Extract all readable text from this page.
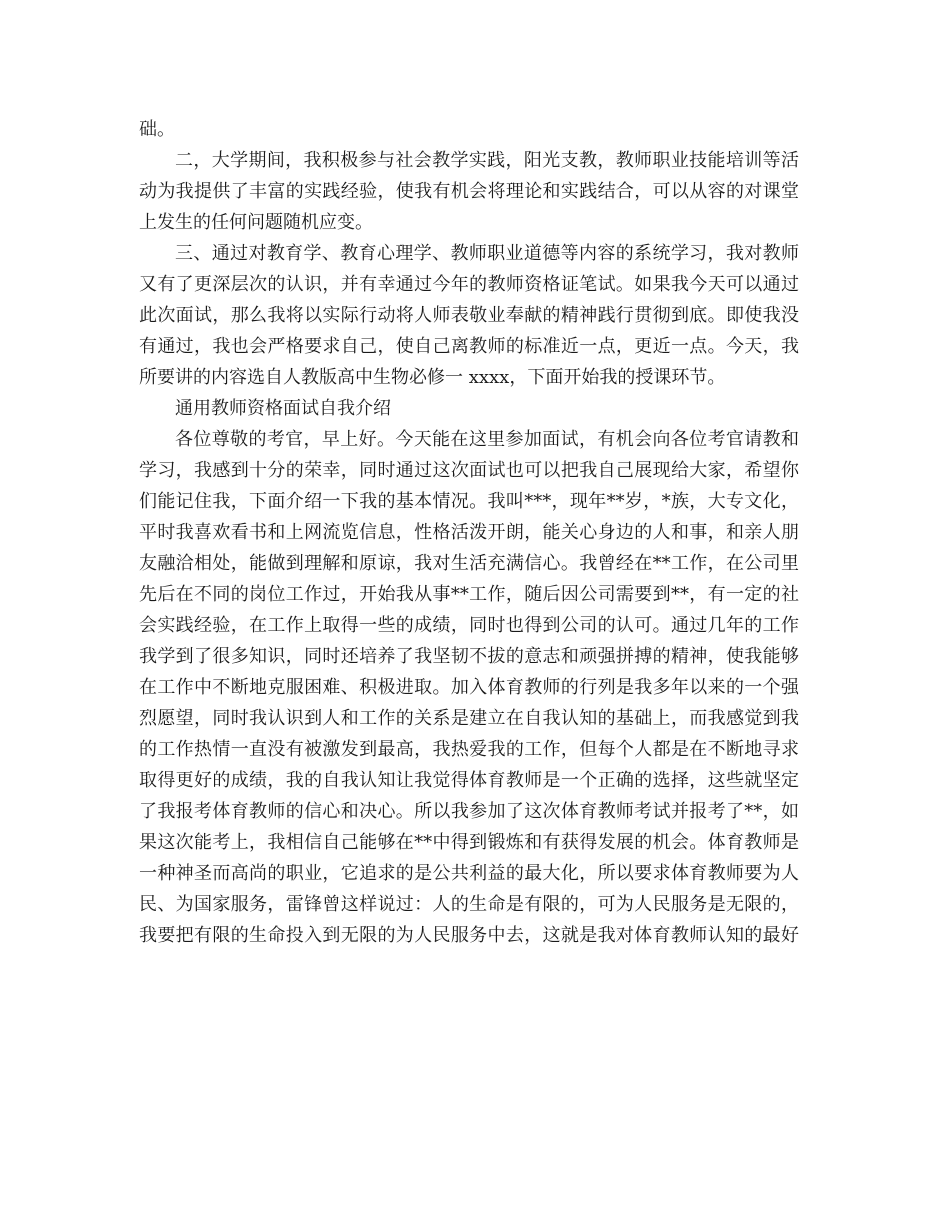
础。
二，大学期间，我积极参与社会教学实践，阳光支教，教师职业技能培训等活
动为我提供了丰富的实践经验，使我有机会将理论和实践结合，可以从容的对课堂
上发生的任何问题随机应变。
三、通过对教育学、教育心理学、教师职业道德等内容的系统学习，我对教师
又有了更深层次的认识，并有幸通过今年的教师资格证笔试。如果我今天可以通过
此次面试，那么我将以实际行动将人师表敬业奉献的精神践行贯彻到底。即使我没
有通过，我也会严格要求自己，使自己离教师的标准近一点，更近一点。今天，我
所要讲的内容选自人教版高中生物必修一 xxxx，下面开始我的授课环节。
通用教师资格面试自我介绍
各位尊敬的考官，早上好。今天能在这里参加面试，有机会向各位考官请教和
学习，我感到十分的荣幸，同时通过这次面试也可以把我自己展现给大家，希望你
们能记住我，下面介绍一下我的基本情况。我叫***，现年**岁，*族，大专文化，
平时我喜欢看书和上网流览信息，性格活泼开朗，能关心身边的人和事，和亲人朋
友融洽相处，能做到理解和原谅，我对生活充满信心。我曾经在**工作，在公司里
先后在不同的岗位工作过，开始我从事**工作，随后因公司需要到**，有一定的社
会实践经验，在工作上取得一些的成绩，同时也得到公司的认可。通过几年的工作
我学到了很多知识，同时还培养了我坚韧不拔的意志和顽强拼搏的精神，使我能够
在工作中不断地克服困难、积极进取。加入体育教师的行列是我多年以来的一个强
烈愿望，同时我认识到人和工作的关系是建立在自我认知的基础上，而我感觉到我
的工作热情一直没有被激发到最高，我热爱我的工作，但每个人都是在不断地寻求
取得更好的成绩，我的自我认知让我觉得体育教师是一个正确的选择，这些就坚定
了我报考体育教师的信心和决心。所以我参加了这次体育教师考试并报考了**，如
果这次能考上，我相信自己能够在**中得到锻炼和有获得发展的机会。体育教师是
一种神圣而高尚的职业，它追求的是公共利益的最大化，所以要求体育教师要为人
民、为国家服务，雷锋曾这样说过：人的生命是有限的，可为人民服务是无限的，
我要把有限的生命投入到无限的为人民服务中去，这就是我对体育教师认知的最好
